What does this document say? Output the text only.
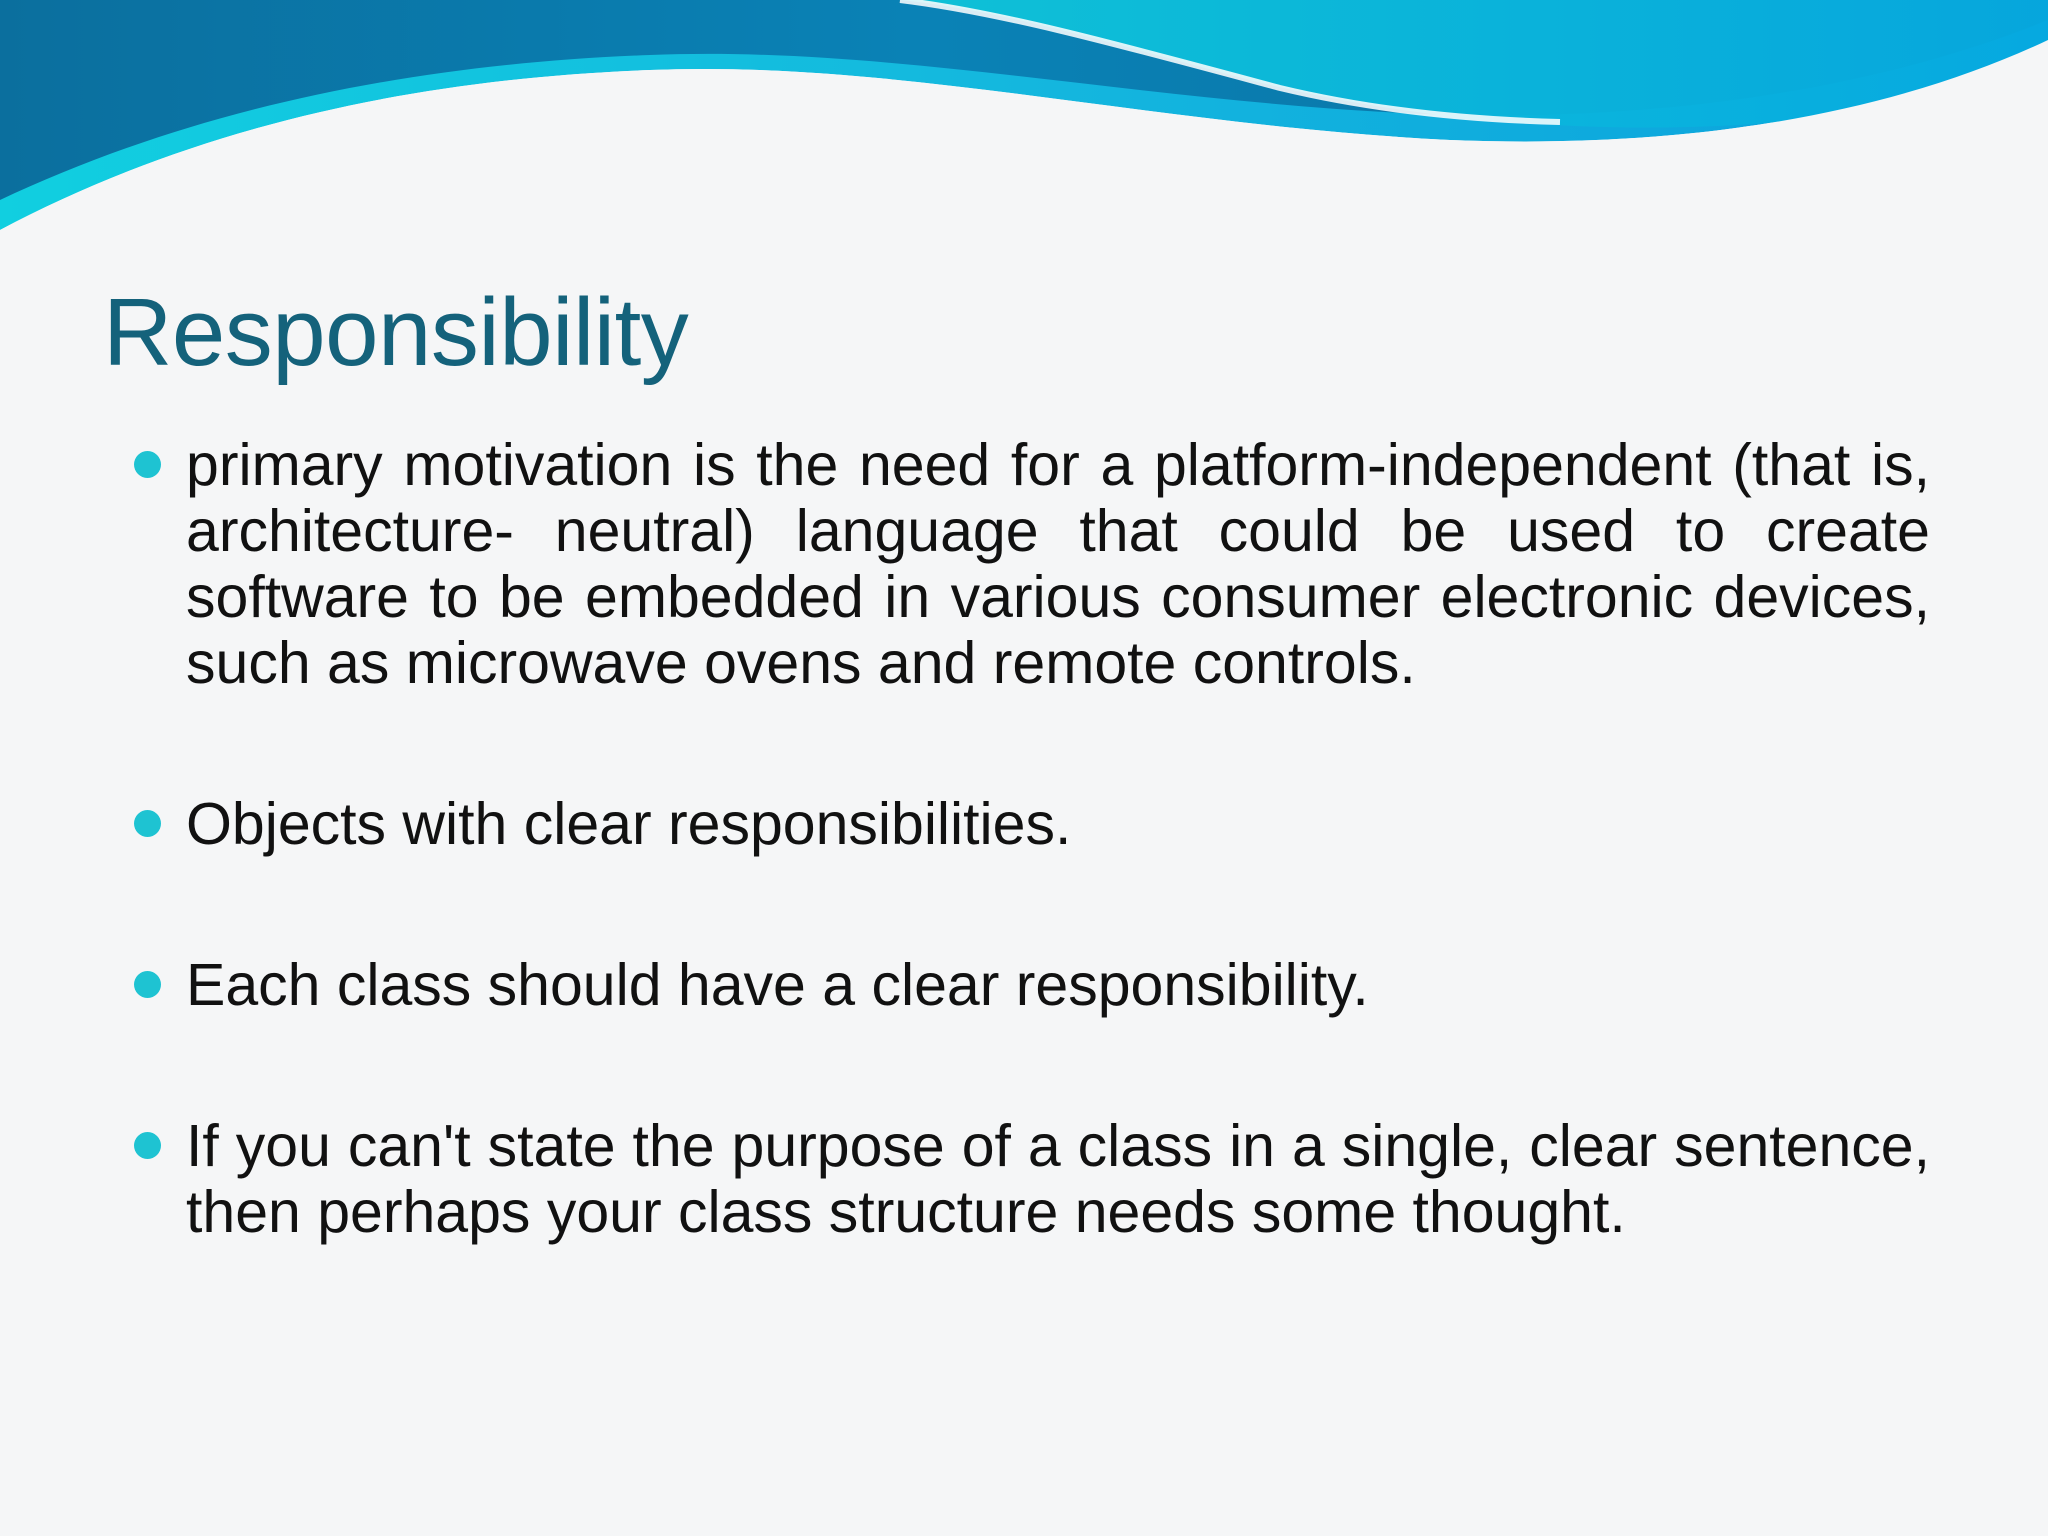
Responsibility
primary motivation is the need for a platform-independent (that is, architecture- neutral) language that could be used to create software to be embedded in various consumer electronic devices, such as microwave ovens and remote controls.
Objects with clear responsibilities.
Each class should have a clear responsibility.
If you can't state the purpose of a class in a single, clear sentence, then perhaps your class structure needs some thought.
